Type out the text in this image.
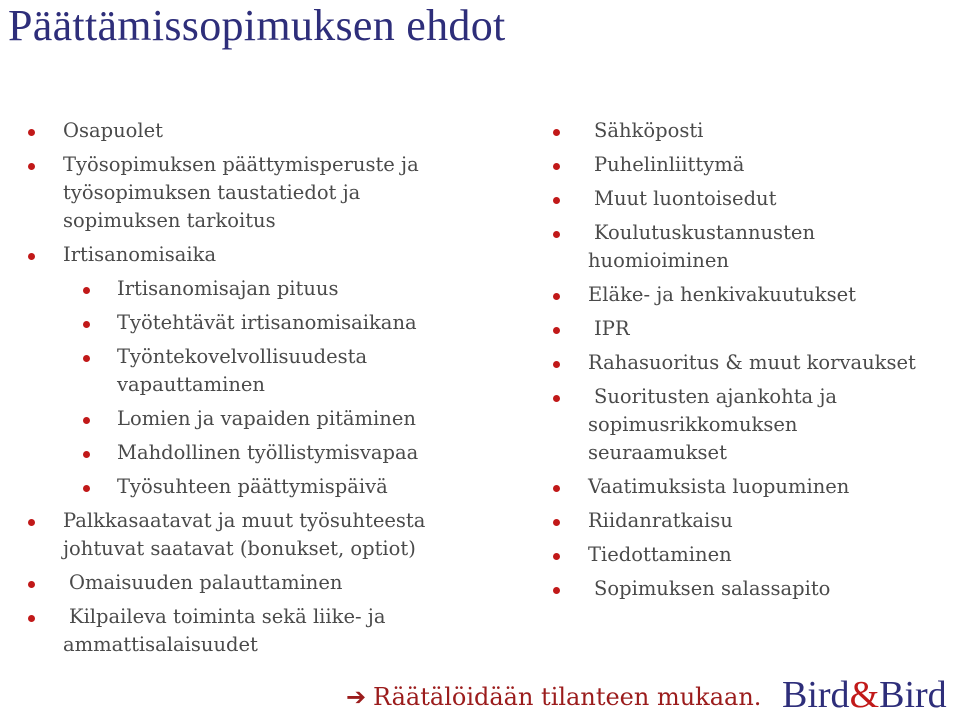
Päättämissopimuksen ehdot
Osapuolet
Työsopimuksen päättymisperuste ja
työsopimuksen taustatiedot ja
sopimuksen tarkoitus
Irtisanomisaika
Irtisanomisajan pituus
Työtehtävät irtisanomisaikana
Työntekovelvollisuudesta
vapauttaminen
Lomien ja vapaiden pitäminen
Mahdollinen työllistymisvapaa
Työsuhteen päättymispäivä
Palkkasaatavat ja muut työsuhteesta
johtuvat saatavat (bonukset, optiot)
Omaisuuden palauttaminen
Kilpaileva toiminta sekä liike- ja
ammattisalaisuudet
Sähköposti
Puhelinliittymä
Muut luontoisedut
Koulutuskustannusten
huomioiminen
Eläke- ja henkivakuutukset
IPR
Rahasuoritus & muut korvaukset
Suoritusten ajankohta ja
sopimusrikkomuksen
seuraamukset
Vaatimuksista luopuminen
Riidanratkaisu
Tiedottaminen
Sopimuksen salassapito
➔ Räätälöidään tilanteen mukaan. Bird&Bird
